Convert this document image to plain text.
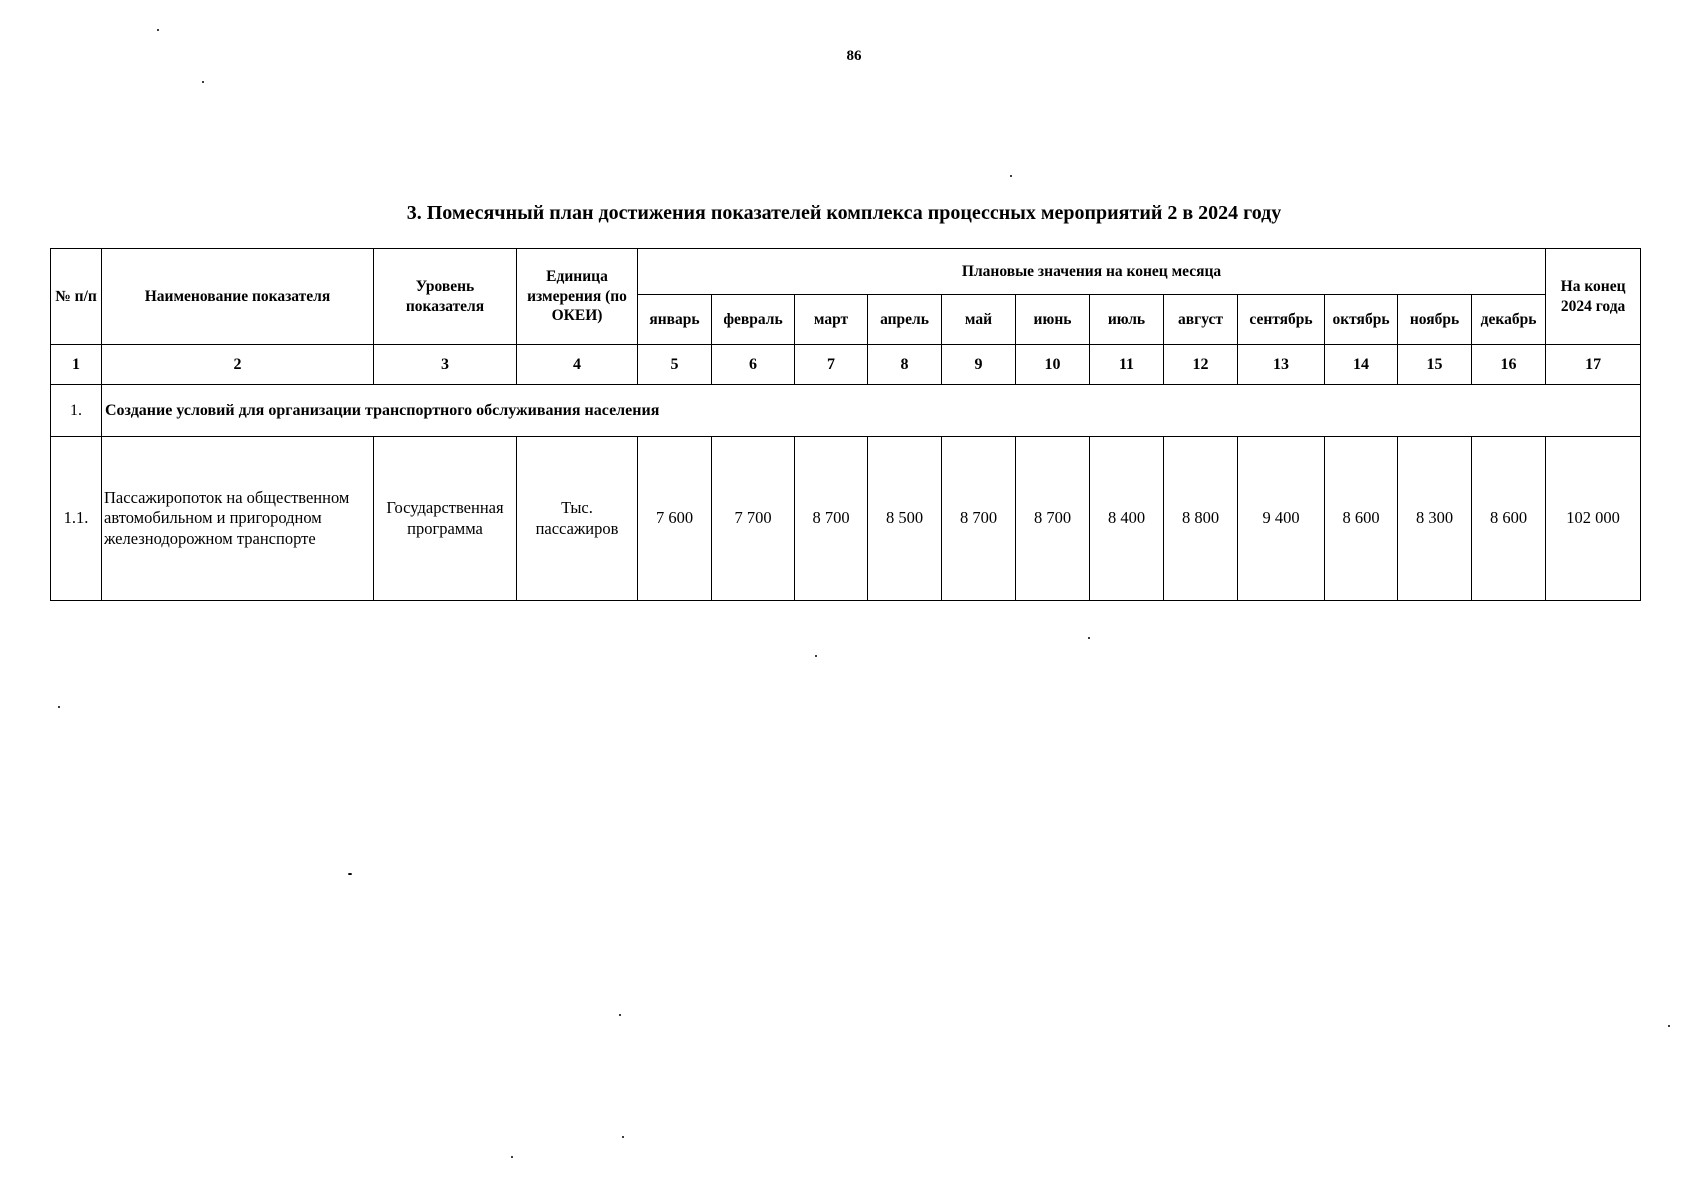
86
3. Помесячный план достижения показателей комплекса процессных мероприятий 2 в 2024 году
№ п/п	Наименование показателя	Уровень показателя	Единица измерения (по ОКЕИ)	Плановые значения на конец месяца												На конец 2024 года
				январь	февраль	март	апрель	май	июнь	июль	август	сентябрь	октябрь	ноябрь	декабрь	
1	2	3	4	5	6	7	8	9	10	11	12	13	14	15	16	17
1.	Создание условий для организации транспортного обслуживания населения															
1.1.	Пассажиропоток на общественном автомобильном и пригородном железнодорожном транспорте	Государственная программа	Тыс. пассажиров	7 600	7 700	8 700	8 500	8 700	8 700	8 400	8 800	9 400	8 600	8 300	8 600	102 000
